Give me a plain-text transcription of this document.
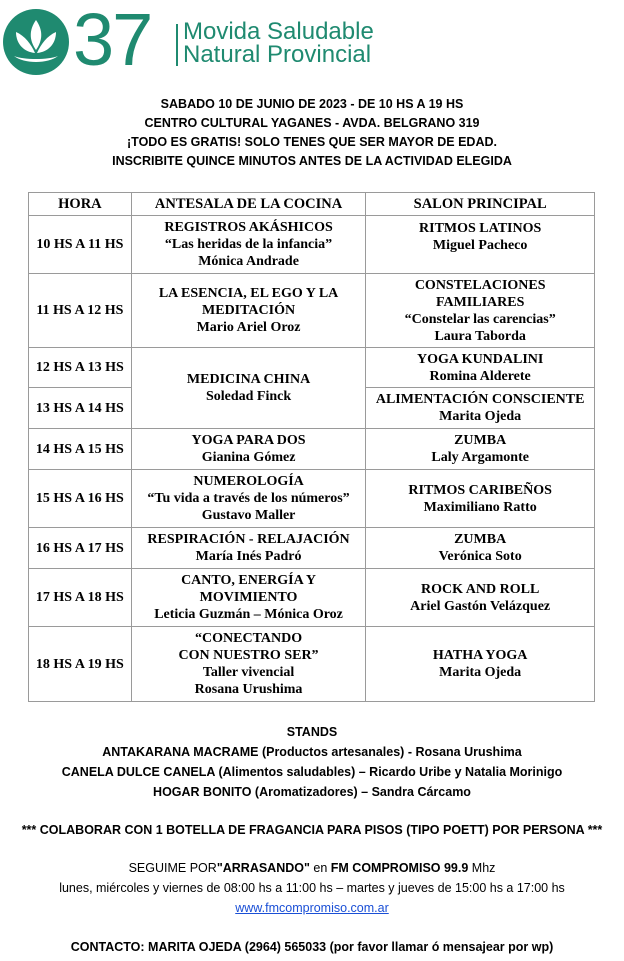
37 Movida Saludable
Natural Provincial
SABADO 10 DE JUNIO DE 2023 - DE 10 HS A 19 HS
CENTRO CULTURAL YAGANES - AVDA. BELGRANO 319
¡TODO ES GRATIS! SOLO TENES QUE SER MAYOR DE EDAD.
INSCRIBITE QUINCE MINUTOS ANTES DE LA ACTIVIDAD ELEGIDA
HORA	ANTESALA DE LA COCINA	SALON PRINCIPAL
10 HS A 11 HS	REGISTROS AKÁSHICOS
“Las heridas de la infancia”
Mónica Andrade	RITMOS LATINOS
Miguel Pacheco

11 HS A 12 HS	LA ESENCIA, EL EGO Y LA
MEDITACIÓN
Mario Ariel Oroz	CONSTELACIONES
FAMILIARES
“Constelar las carencias”
Laura Taborda

12 HS A 13 HS	MEDICINA CHINA
Soledad Finck	YOGA KUNDALINI
Romina Alderete

13 HS A 14 HS		ALIMENTACIÓN CONSCIENTE
Marita Ojeda

14 HS A 15 HS	YOGA PARA DOS
Gianina Gómez	ZUMBA
Laly Argamonte

15 HS A 16 HS	NUMEROLOGÍA
“Tu vida a través de los números”
Gustavo Maller	RITMOS CARIBEÑOS
Maximiliano Ratto

16 HS A 17 HS	RESPIRACIÓN - RELAJACIÓN
María Inés Padró	ZUMBA
Verónica Soto

17 HS A 18 HS	CANTO, ENERGÍA Y
MOVIMIENTO
Leticia Guzmán – Mónica Oroz	ROCK AND ROLL
Ariel Gastón Velázquez

18 HS A 19 HS	“CONECTANDO
CON NUESTRO SER”
Taller vivencial
Rosana Urushima	HATHA YOGA
Marita Ojeda
STANDS
ANTAKARANA MACRAME (Productos artesanales) - Rosana Urushima
CANELA DULCE CANELA (Alimentos saludables) – Ricardo Uribe y Natalia Morinigo
HOGAR BONITO (Aromatizadores) – Sandra Cárcamo
*** COLABORAR CON 1 BOTELLA DE FRAGANCIA PARA PISOS (TIPO POETT) POR PERSONA ***
SEGUIME POR"ARRASANDO" en FM COMPROMISO 99.9 Mhz
lunes, miércoles y viernes de 08:00 hs a 11:00 hs – martes y jueves de 15:00 hs a 17:00 hs
www.fmcompromiso.com.ar
CONTACTO: MARITA OJEDA (2964) 565033 (por favor llamar ó mensajear por wp)
